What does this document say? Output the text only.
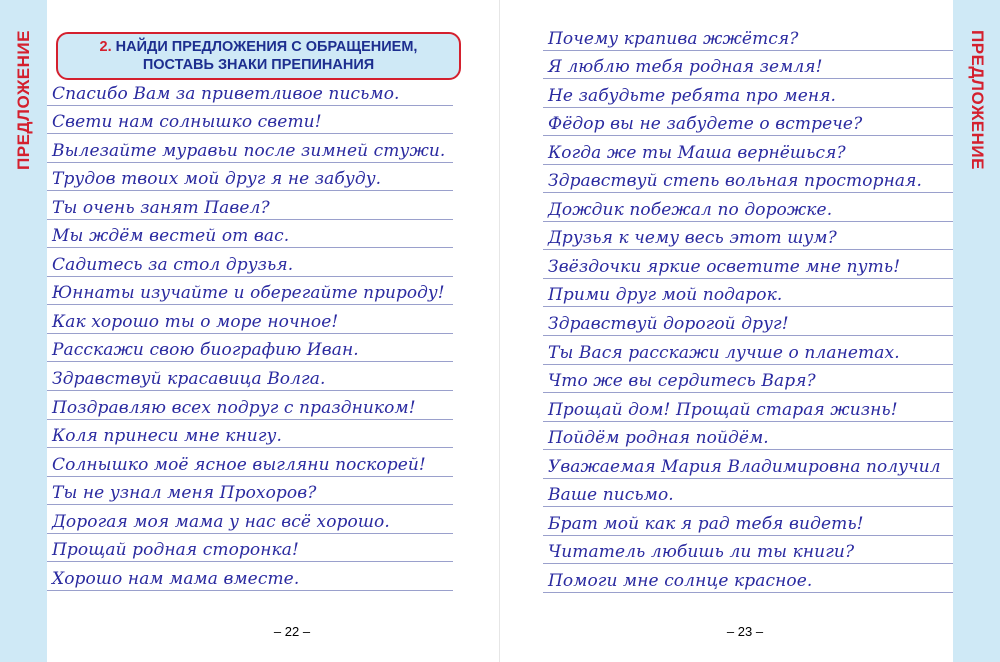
ПРЕДЛОЖЕНИЕ	2. НАЙДИ ПРЕДЛОЖЕНИЯ С ОБРАЩЕНИЕМ,
ПОСТАВЬ ЗНАКИ ПРЕПИНАНИЯ
Спасибо Вам за приветливое письмо.
Свети нам солнышко свети!
Вылезайте муравьи после зимней стужи.
Трудов твоих мой друг я не забуду.
Ты очень занят Павел?
Мы ждём вестей от вас.
Садитесь за стол друзья.
Юннаты изучайте и оберегайте природу!
Как хорошо ты о море ночное!
Расскажи свою биографию Иван.
Здравствуй красавица Волга.
Поздравляю всех подруг с праздником!
Коля принеси мне книгу.
Солнышко моё ясное выгляни поскорей!
Ты не узнал меня Прохоров?
Дорогая моя мама у нас всё хорошо.
Прощай родная сторонка!
Хорошо нам мама вместе.
– 22 –
Почему крапива жжётся?
Я люблю тебя родная земля!
Не забудьте ребята про меня.
Фёдор вы не забудете о встрече?
Когда же ты Маша вернёшься?
Здравствуй степь вольная просторная.
Дождик побежал по дорожке.
Друзья к чему весь этот шум?
Звёздочки яркие осветите мне путь!
Прими друг мой подарок.
Здравствуй дорогой друг!
Ты Вася расскажи лучше о планетах.
Что же вы сердитесь Варя?
Прощай дом! Прощай старая жизнь!
Пойдём родная пойдём.
Уважаемая Мария Владимировна получил
Ваше письмо.
Брат мой как я рад тебя видеть!
Читатель любишь ли ты книги?
Помоги мне солнце красное.
– 23 –
ПРЕДЛОЖЕНИЕ
